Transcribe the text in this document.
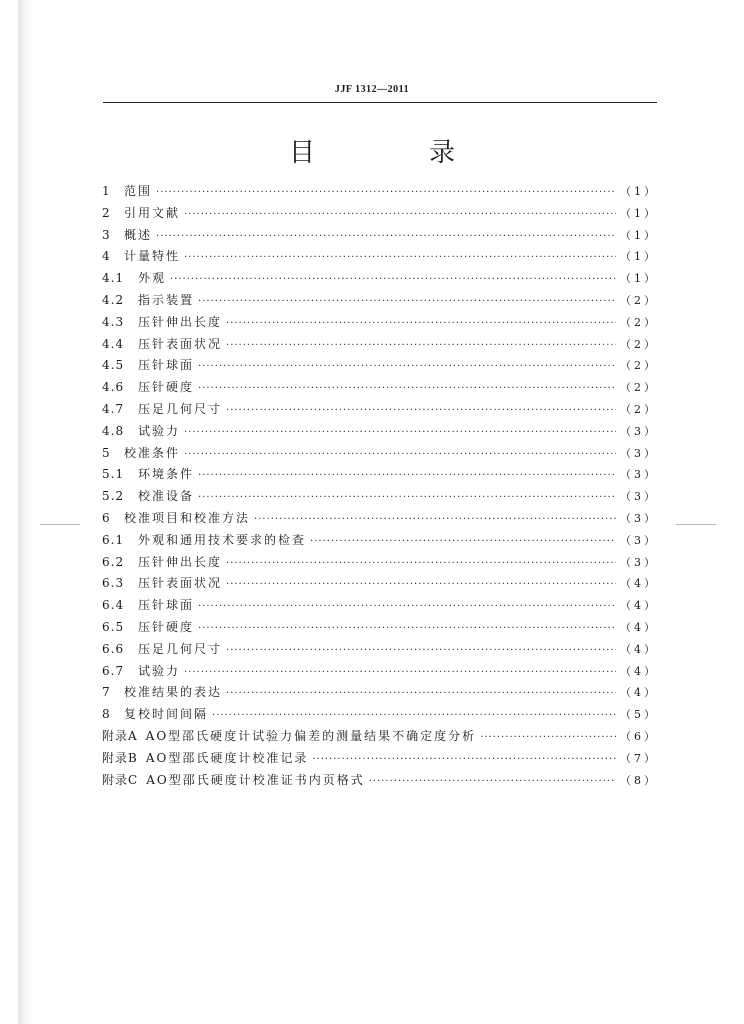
JJF 1312—2011
目　录
1	范围 ·····	（1）
2	引用文献 ·····	（1）
3	概述 ·····	（1）
4	计量特性 ·····	（1）
4.1	外观 ·····	（1）
4.2	指示装置 ·····	（2）
4.3	压针伸出长度 ·····	（2）
4.4	压针表面状况 ·····	（2）
4.5	压针球面 ·····	（2）
4.6	压针硬度 ·····	（2）
4.7	压足几何尺寸 ·····	（2）
4.8	试验力 ·····	（3）
5	校准条件 ·····	（3）
5.1	环境条件 ·····	（3）
5.2	校准设备 ·····	（3）
6	校准项目和校准方法 ·····	（3）
6.1	外观和通用技术要求的检查 ·····	（3）
6.2	压针伸出长度 ·····	（3）
6.3	压针表面状况 ·····	（4）
6.4	压针球面 ·····	（4）
6.5	压针硬度 ·····	（4）
6.6	压足几何尺寸 ·····	（4）
6.7	试验力 ·····	（4）
7	校准结果的表达 ·····	（4）
8	复校时间间隔 ·····	（5）
附录A AO型邵氏硬度计试验力偏差的测量结果不确定度分析 ·····	（6）
附录B AO型邵氏硬度计校准记录 ·····	（7）
附录C AO型邵氏硬度计校准证书内页格式 ·····	（8）
